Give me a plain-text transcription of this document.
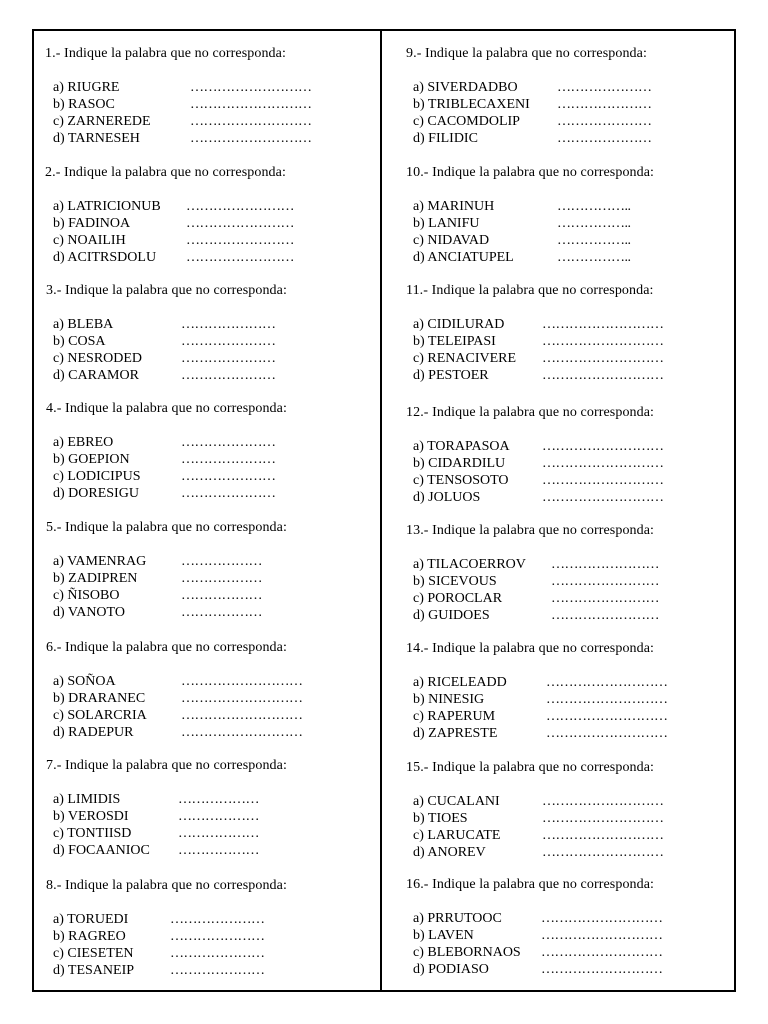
1.- Indique la palabra que no corresponda:
a) RIUGRE	………………………
b) RASOC	………………………
c) ZARNEREDE	………………………
d) TARNESEH	………………………
2.- Indique la palabra que no corresponda:
a) LATRICIONUB	……………………
b) FADINOA	……………………
c) NOAILIH	……………………
d) ACITRSDOLU	……………………
3.- Indique la palabra que no corresponda:
a) BLEBA	…………………
b) COSA	…………………
c) NESRODED	…………………
d) CARAMOR	…………………
4.- Indique la palabra que no corresponda:
a) EBREO	…………………
b) GOEPION	…………………
c) LODICIPUS	…………………
d) DORESIGU	…………………
5.- Indique la palabra que no corresponda:
a) VAMENRAG	………………
b) ZADIPREN	………………
c) ÑISOBO	………………
d) VANOTO	………………
6.- Indique la palabra que no corresponda:
a) SOÑOA	………………………
b) DRARANEC	………………………
c) SOLARCRIA	………………………
d) RADEPUR	………………………
7.- Indique la palabra que no corresponda:
a) LIMIDIS	………………
b) VEROSDI	………………
c) TONTIISD	………………
d) FOCAANIOC	………………
8.- Indique la palabra que no corresponda:
a) TORUEDI	…………………
b) RAGREO	…………………
c) CIESETEN	…………………
d) TESANEIP	…………………
9.- Indique la palabra que no corresponda:
a) SIVERDADBO	…………………
b) TRIBLECAXENI	…………………
c) CACOMDOLIP	…………………
d) FILIDIC	…………………
10.- Indique la palabra que no corresponda:
a) MARINUH	……………..
b) LANIFU	……………..
c) NIDAVAD	……………..
d) ANCIATUPEL	……………..
11.- Indique la palabra que no corresponda:
a) CIDILURAD	………………………
b) TELEIPASI	………………………
c) RENACIVERE	………………………
d) PESTOER	………………………
12.- Indique la palabra que no corresponda:
a) TORAPASOA	………………………
b) CIDARDILU	………………………
c) TENSOSOTO	………………………
d) JOLUOS	………………………
13.- Indique la palabra que no corresponda:
a) TILACOERROV	……………………
b) SICEVOUS	……………………
c) POROCLAR	……………………
d) GUIDOES	……………………
14.- Indique la palabra que no corresponda:
a) RICELEADD	………………………
b) NINESIG	………………………
c) RAPERUM	………………………
d) ZAPRESTE	………………………
15.- Indique la palabra que no corresponda:
a) CUCALANI	………………………
b) TIOES	………………………
c) LARUCATE	………………………
d) ANOREV	………………………
16.- Indique la palabra que no corresponda:
a) PRRUTOOC	………………………
b) LAVEN	………………………
c) BLEBORNAOS	………………………
d) PODIASO	………………………
